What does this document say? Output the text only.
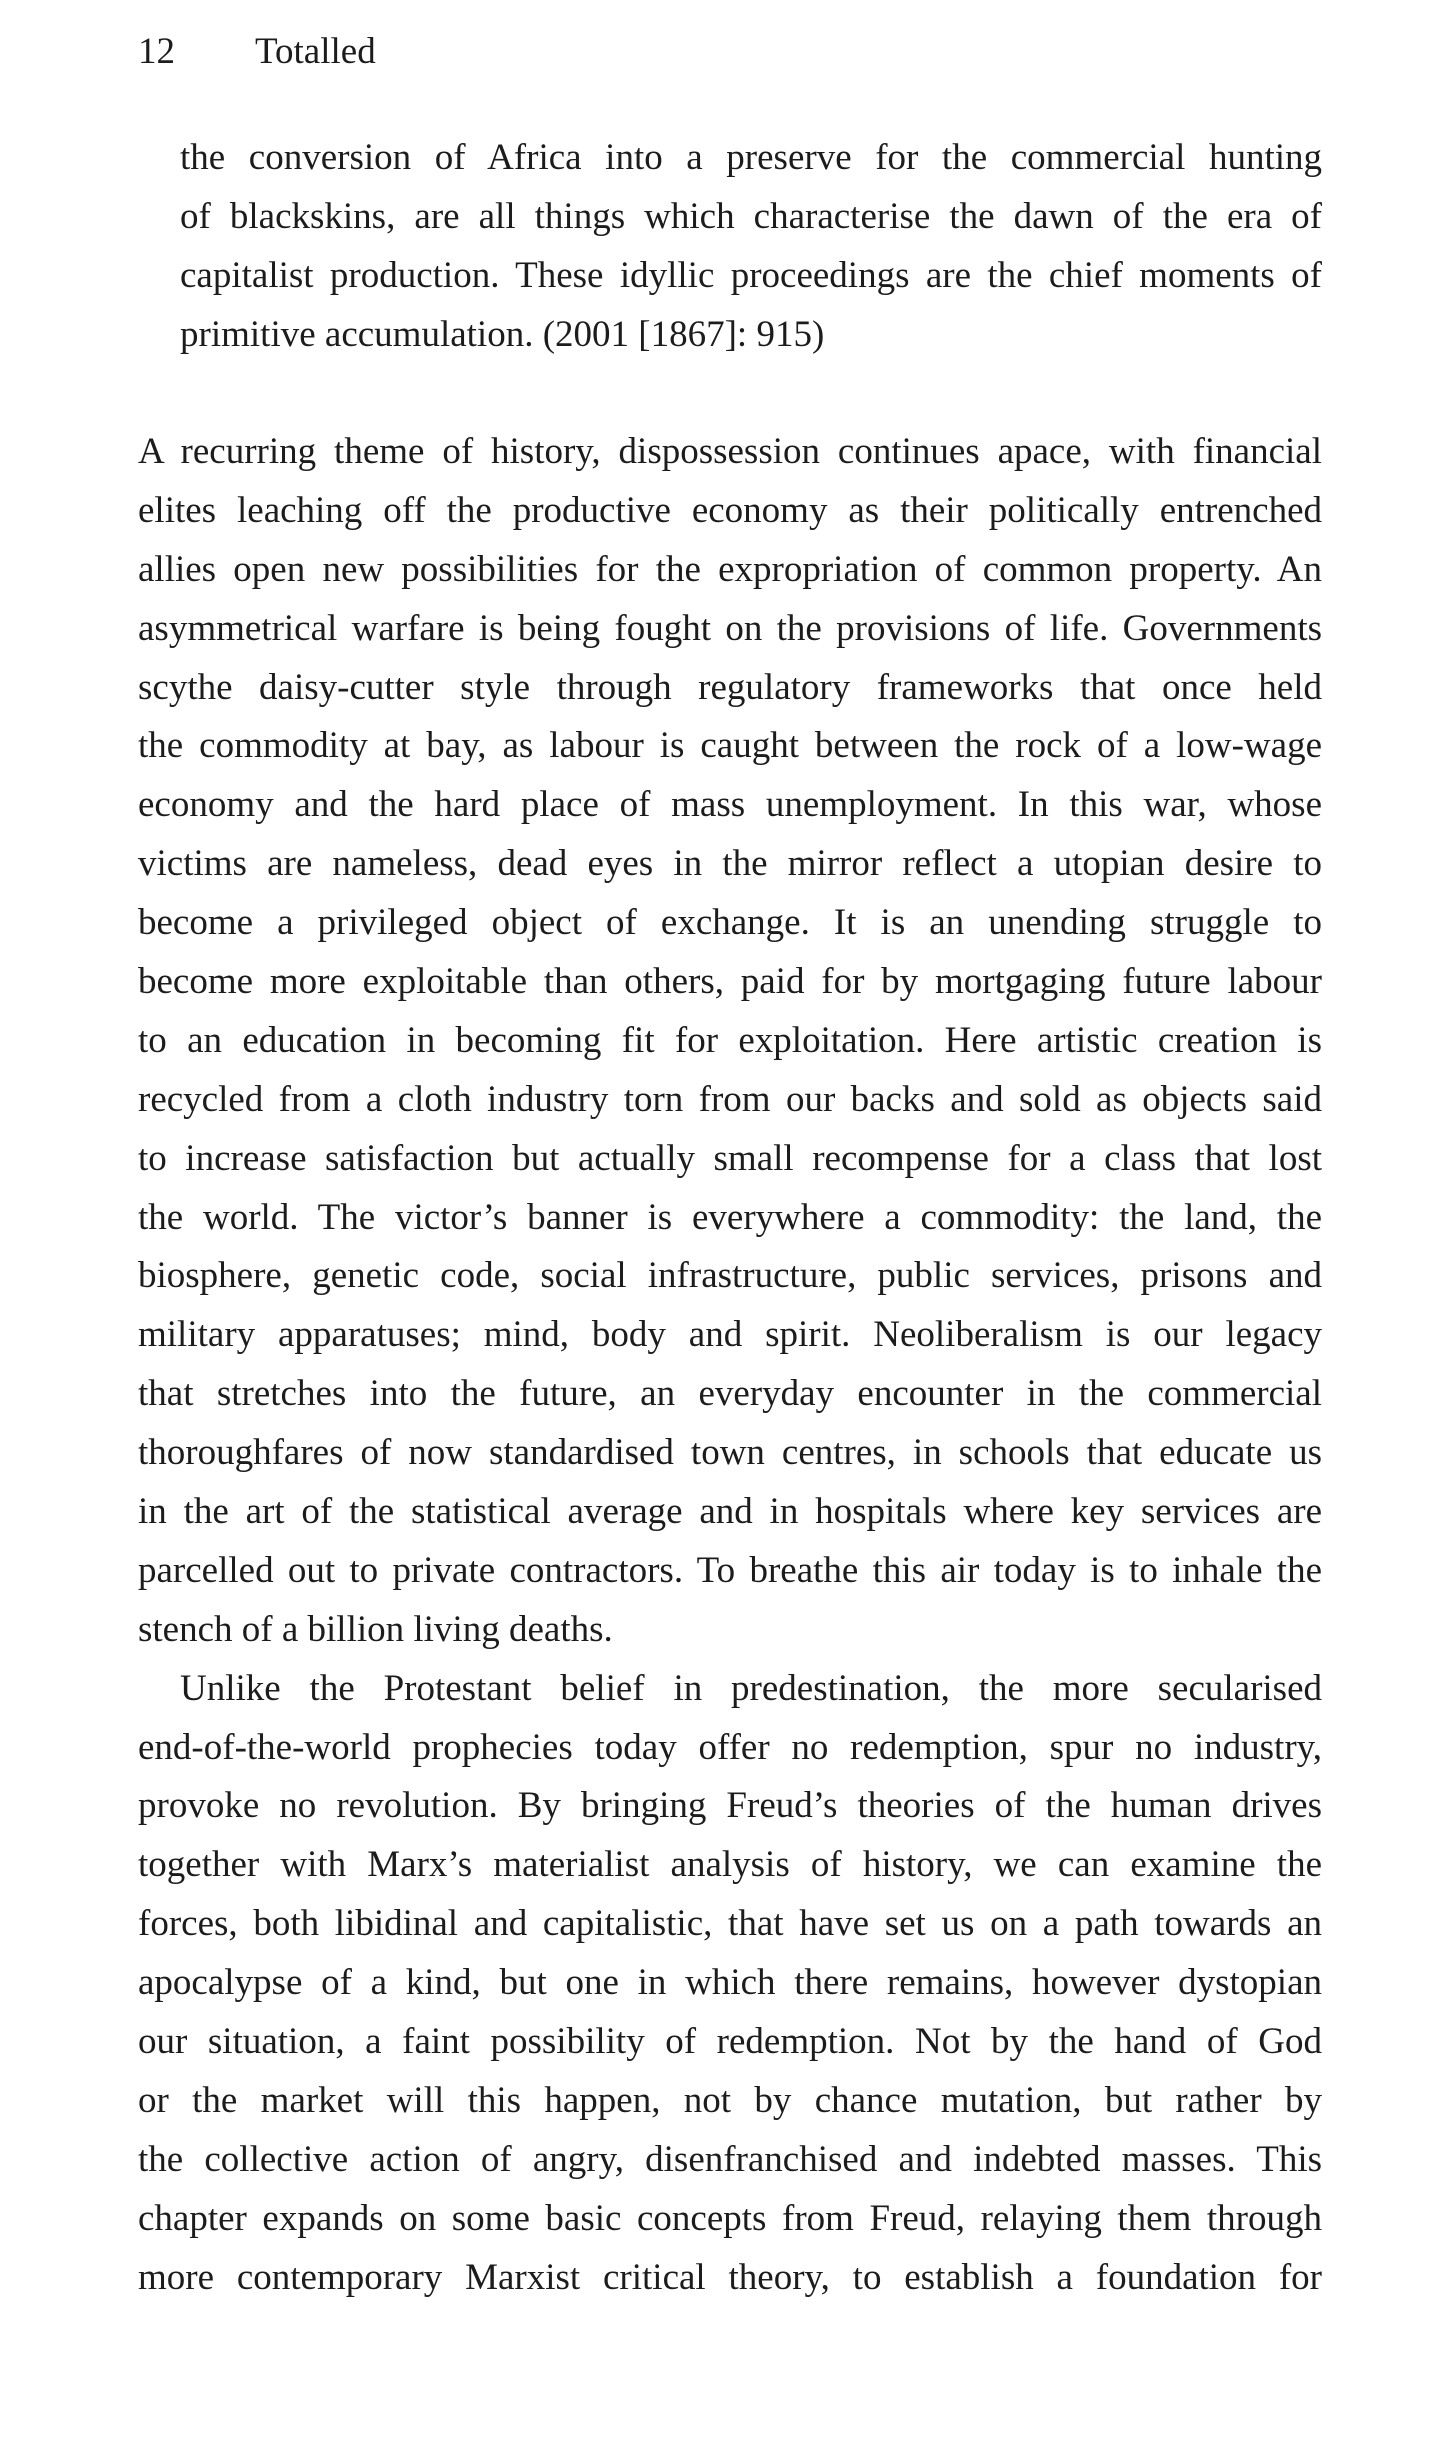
12 Totalled
the conversion of Africa into a preserve for the commercial hunting
of blackskins, are all things which characterise the dawn of the era of
capitalist production. These idyllic proceedings are the chief moments of
primitive accumulation. (2001 [1867]: 915)
A recurring theme of history, dispossession continues apace, with financial
elites leaching off the productive economy as their politically entrenched
allies open new possibilities for the expropriation of common property. An
asymmetrical warfare is being fought on the provisions of life. Governments
scythe daisy-cutter style through regulatory frameworks that once held
the commodity at bay, as labour is caught between the rock of a low-wage
economy and the hard place of mass unemployment. In this war, whose
victims are nameless, dead eyes in the mirror reflect a utopian desire to
become a privileged object of exchange. It is an unending struggle to
become more exploitable than others, paid for by mortgaging future labour
to an education in becoming fit for exploitation. Here artistic creation is
recycled from a cloth industry torn from our backs and sold as objects said
to increase satisfaction but actually small recompense for a class that lost
the world. The victor’s banner is everywhere a commodity: the land, the
biosphere, genetic code, social infrastructure, public services, prisons and
military apparatuses; mind, body and spirit. Neoliberalism is our legacy
that stretches into the future, an everyday encounter in the commercial
thoroughfares of now standardised town centres, in schools that educate us
in the art of the statistical average and in hospitals where key services are
parcelled out to private contractors. To breathe this air today is to inhale the
stench of a billion living deaths.
Unlike the Protestant belief in predestination, the more secularised
end-of-the-world prophecies today offer no redemption, spur no industry,
provoke no revolution. By bringing Freud’s theories of the human drives
together with Marx’s materialist analysis of history, we can examine the
forces, both libidinal and capitalistic, that have set us on a path towards an
apocalypse of a kind, but one in which there remains, however dystopian
our situation, a faint possibility of redemption. Not by the hand of God
or the market will this happen, not by chance mutation, but rather by
the collective action of angry, disenfranchised and indebted masses. This
chapter expands on some basic concepts from Freud, relaying them through
more contemporary Marxist critical theory, to establish a foundation for
